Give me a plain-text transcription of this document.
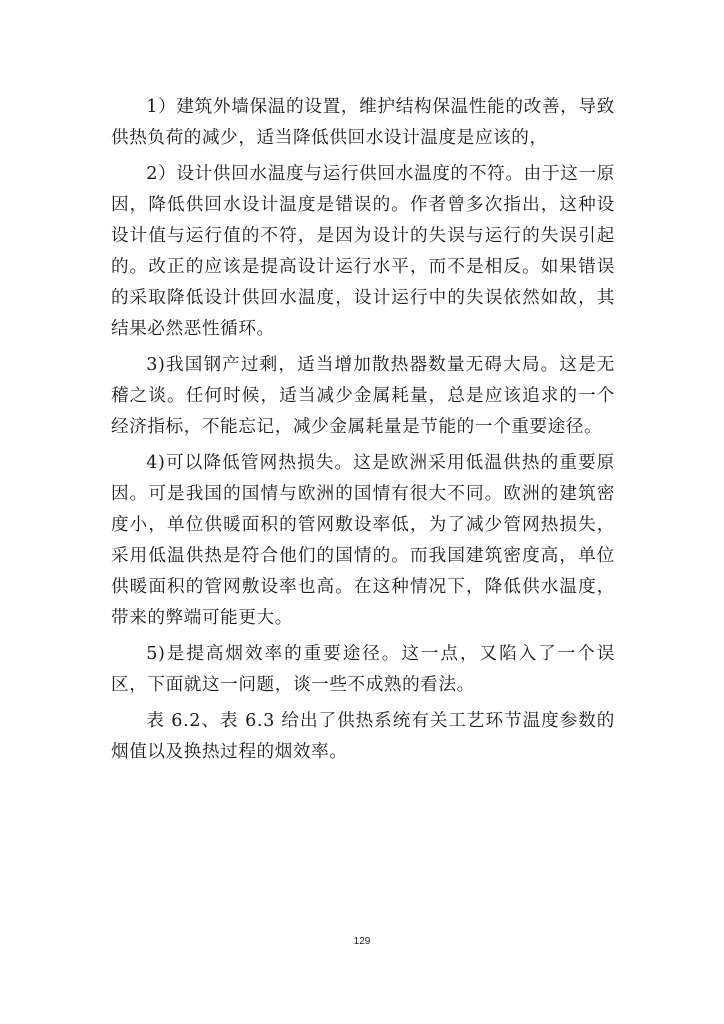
1）建筑外墙保温的设置，维护结构保温性能的改善，导致供热负荷的减少，适当降低供回水设计温度是应该的，

2）设计供回水温度与运行供回水温度的不符。由于这一原因，降低供回水设计温度是错误的。作者曾多次指出，这种设设计值与运行值的不符，是因为设计的失误与运行的失误引起的。改正的应该是提高设计运行水平，而不是相反。如果错误的采取降低设计供回水温度，设计运行中的失误依然如故，其结果必然恶性循环。

3)我国钢产过剩，适当增加散热器数量无碍大局。这是无稽之谈。任何时候，适当减少金属耗量，总是应该追求的一个经济指标，不能忘记，减少金属耗量是节能的一个重要途径。

4)可以降低管网热损失。这是欧洲采用低温供热的重要原因。可是我国的国情与欧洲的国情有很大不同。欧洲的建筑密度小，单位供暖面积的管网敷设率低，为了减少管网热损失，采用低温供热是符合他们的国情的。而我国建筑密度高，单位供暖面积的管网敷设率也高。在这种情况下，降低供水温度，带来的弊端可能更大。

5)是提高烟效率的重要途径。这一点，又陷入了一个误区，下面就这一问题，谈一些不成熟的看法。

表 6.2、表 6.3 给出了供热系统有关工艺环节温度参数的烟值以及换热过程的烟效率。

129
